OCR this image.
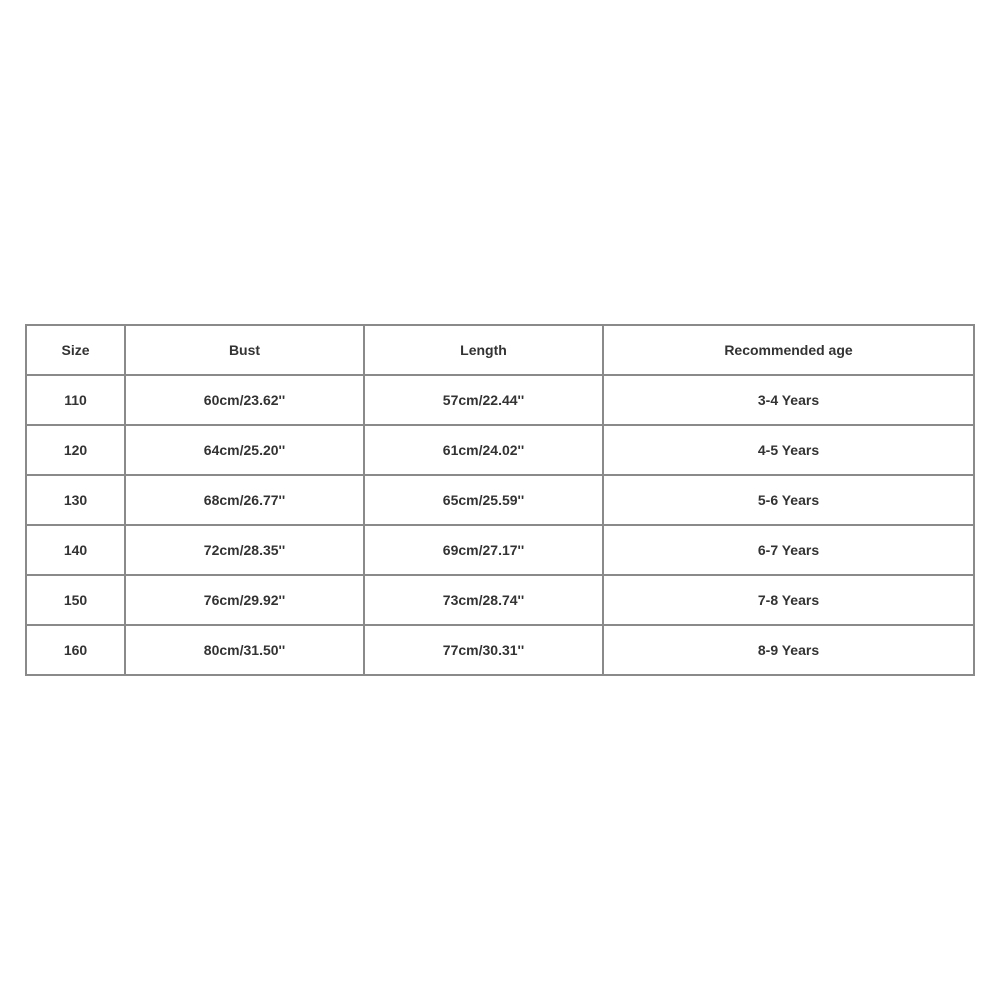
Size	Bust	Length	Recommended age
110	60cm/23.62''	57cm/22.44''	3-4 Years
120	64cm/25.20''	61cm/24.02''	4-5 Years
130	68cm/26.77''	65cm/25.59''	5-6 Years
140	72cm/28.35''	69cm/27.17''	6-7 Years
150	76cm/29.92''	73cm/28.74''	7-8 Years
160	80cm/31.50''	77cm/30.31''	8-9 Years
